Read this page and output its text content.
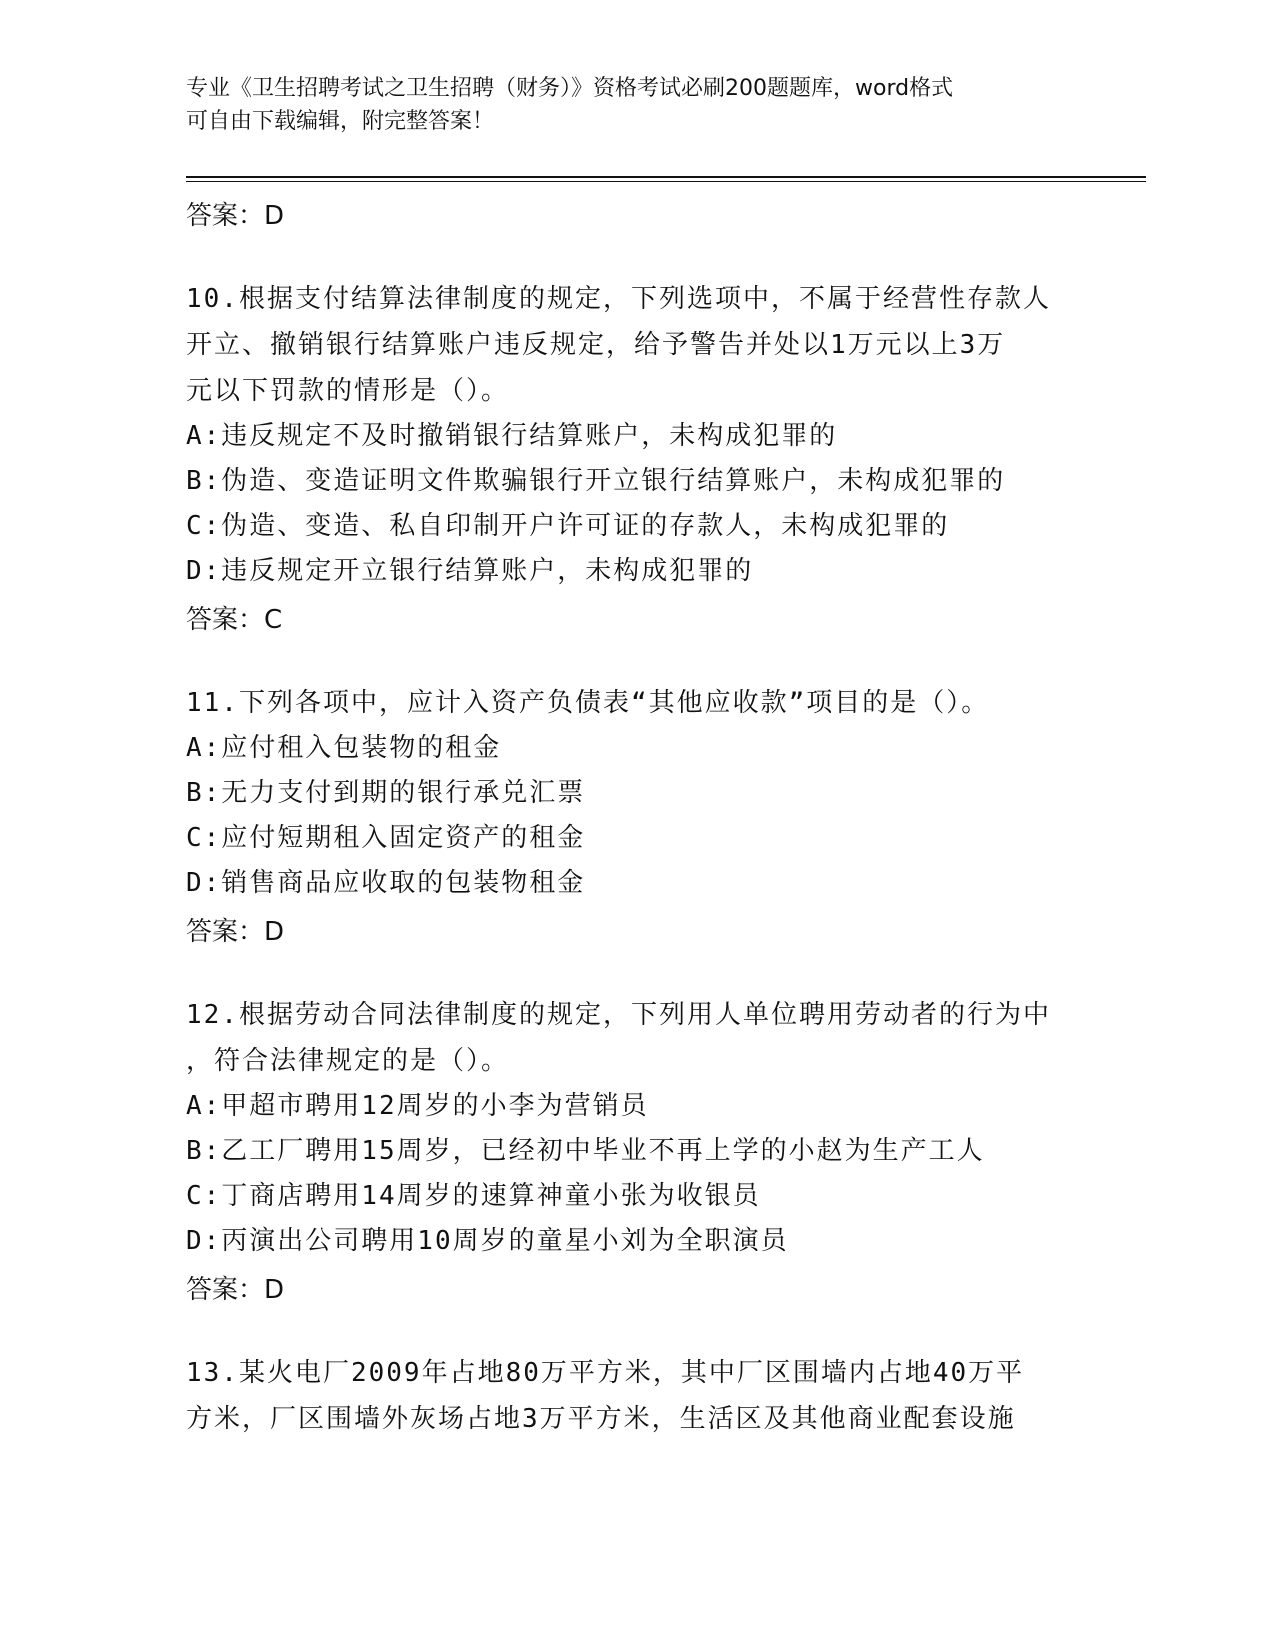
专业《卫生招聘考试之卫生招聘（财务）》资格考试必刷200题题库，word格式
可自由下载编辑，附完整答案！
答案：D
10.根据支付结算法律制度的规定，下列选项中，不属于经营性存款人
开立、撤销银行结算账户违反规定，给予警告并处以1万元以上3万
元以下罚款的情形是（）。
A:违反规定不及时撤销银行结算账户，未构成犯罪的
B:伪造、变造证明文件欺骗银行开立银行结算账户，未构成犯罪的
C:伪造、变造、私自印制开户许可证的存款人，未构成犯罪的
D:违反规定开立银行结算账户，未构成犯罪的
答案：C
11.下列各项中，应计入资产负债表“其他应收款”项目的是（）。
A:应付租入包装物的租金
B:无力支付到期的银行承兑汇票
C:应付短期租入固定资产的租金
D:销售商品应收取的包装物租金
答案：D
12.根据劳动合同法律制度的规定，下列用人单位聘用劳动者的行为中
，符合法律规定的是（）。
A:甲超市聘用12周岁的小李为营销员
B:乙工厂聘用15周岁，已经初中毕业不再上学的小赵为生产工人
C:丁商店聘用14周岁的速算神童小张为收银员
D:丙演出公司聘用10周岁的童星小刘为全职演员
答案：D
13.某火电厂2009年占地80万平方米，其中厂区围墙内占地40万平
方米，厂区围墙外灰场占地3万平方米，生活区及其他商业配套设施
